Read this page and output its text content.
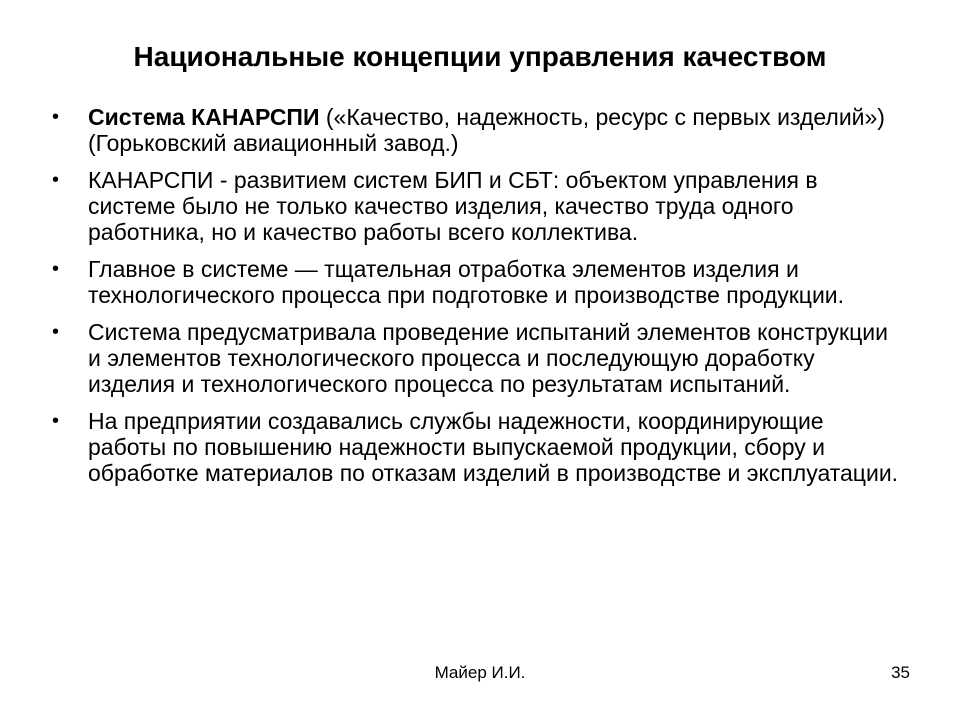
Национальные концепции управления качеством
• Система КАНАРСПИ («Качество, надежность, ресурс с первых изделий») (Горьковский авиационный завод.)
• КАНАРСПИ - развитием систем БИП и СБТ: объектом управления в системе было не только качество изделия, качество труда одного работника, но и качество работы всего коллектива.
• Главное в системе — тщательная отработка элементов изделия и технологического процесса при подготовке и производстве продукции.
• Система предусматривала проведение испытаний элементов конструкции и элементов технологического процесса и последующую доработку изделия и технологического процесса по результатам испытаний.
• На предприятии создавались службы надежности, координирующие работы по повышению надежности выпускаемой продукции, сбору и обработке материалов по отказам изделий в производстве и эксплуатации.
Майер И.И.	35
